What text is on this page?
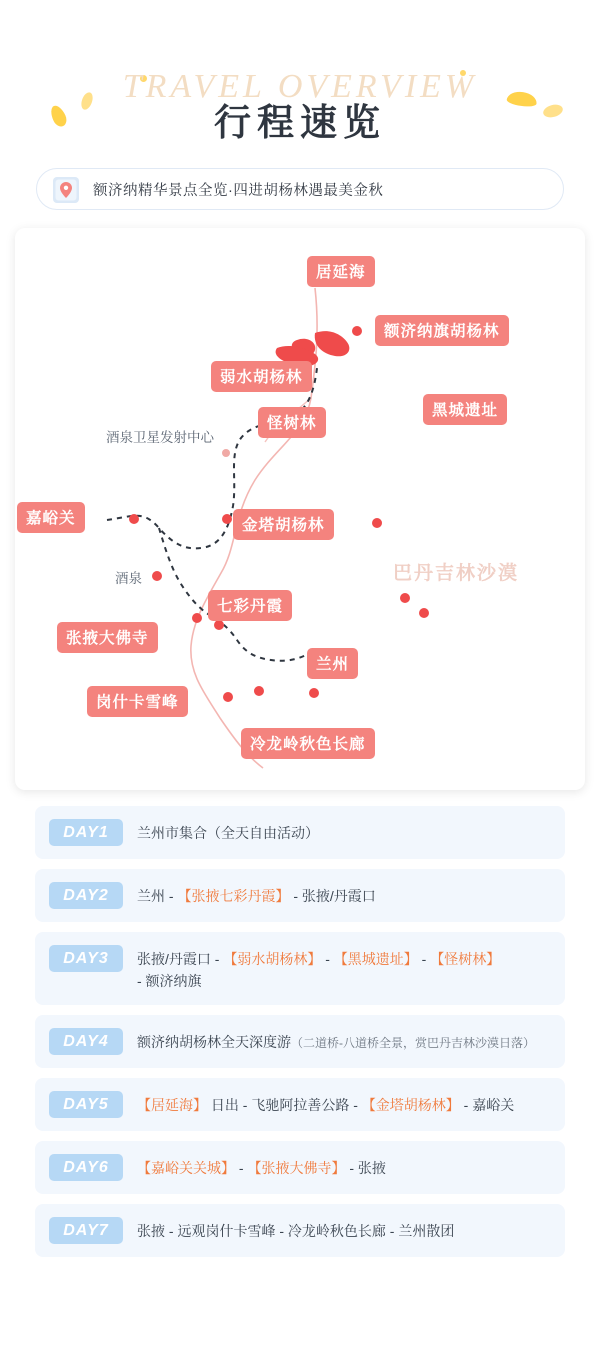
TRAVEL OVERVIEW
行程速览
额济纳精华景点全览·四进胡杨林遇最美金秋
巴丹吉林沙漠
酒泉卫星发射中心
酒泉
居延海
额济纳旗胡杨林
弱水胡杨林
黑城遗址
怪树林
金塔胡杨林
嘉峪关
七彩丹霞
张掖大佛寺
兰州
岗什卡雪峰
冷龙岭秋色长廊
DAY1	兰州市集合（全天自由活动）
DAY2	兰州 - 【张掖七彩丹霞】 - 张掖/丹霞口
DAY3	张掖/丹霞口 - 【弱水胡杨林】 - 【黑城遗址】 - 【怪树林】
- 额济纳旗
DAY4	额济纳胡杨林全天深度游（二道桥-八道桥全景，赏巴丹吉林沙漠日落）
DAY5	【居延海】 日出 - 飞驰阿拉善公路 - 【金塔胡杨林】 - 嘉峪关
DAY6	【嘉峪关关城】 - 【张掖大佛寺】 - 张掖
DAY7	张掖 - 远观岗什卡雪峰 - 冷龙岭秋色长廊 - 兰州散团
